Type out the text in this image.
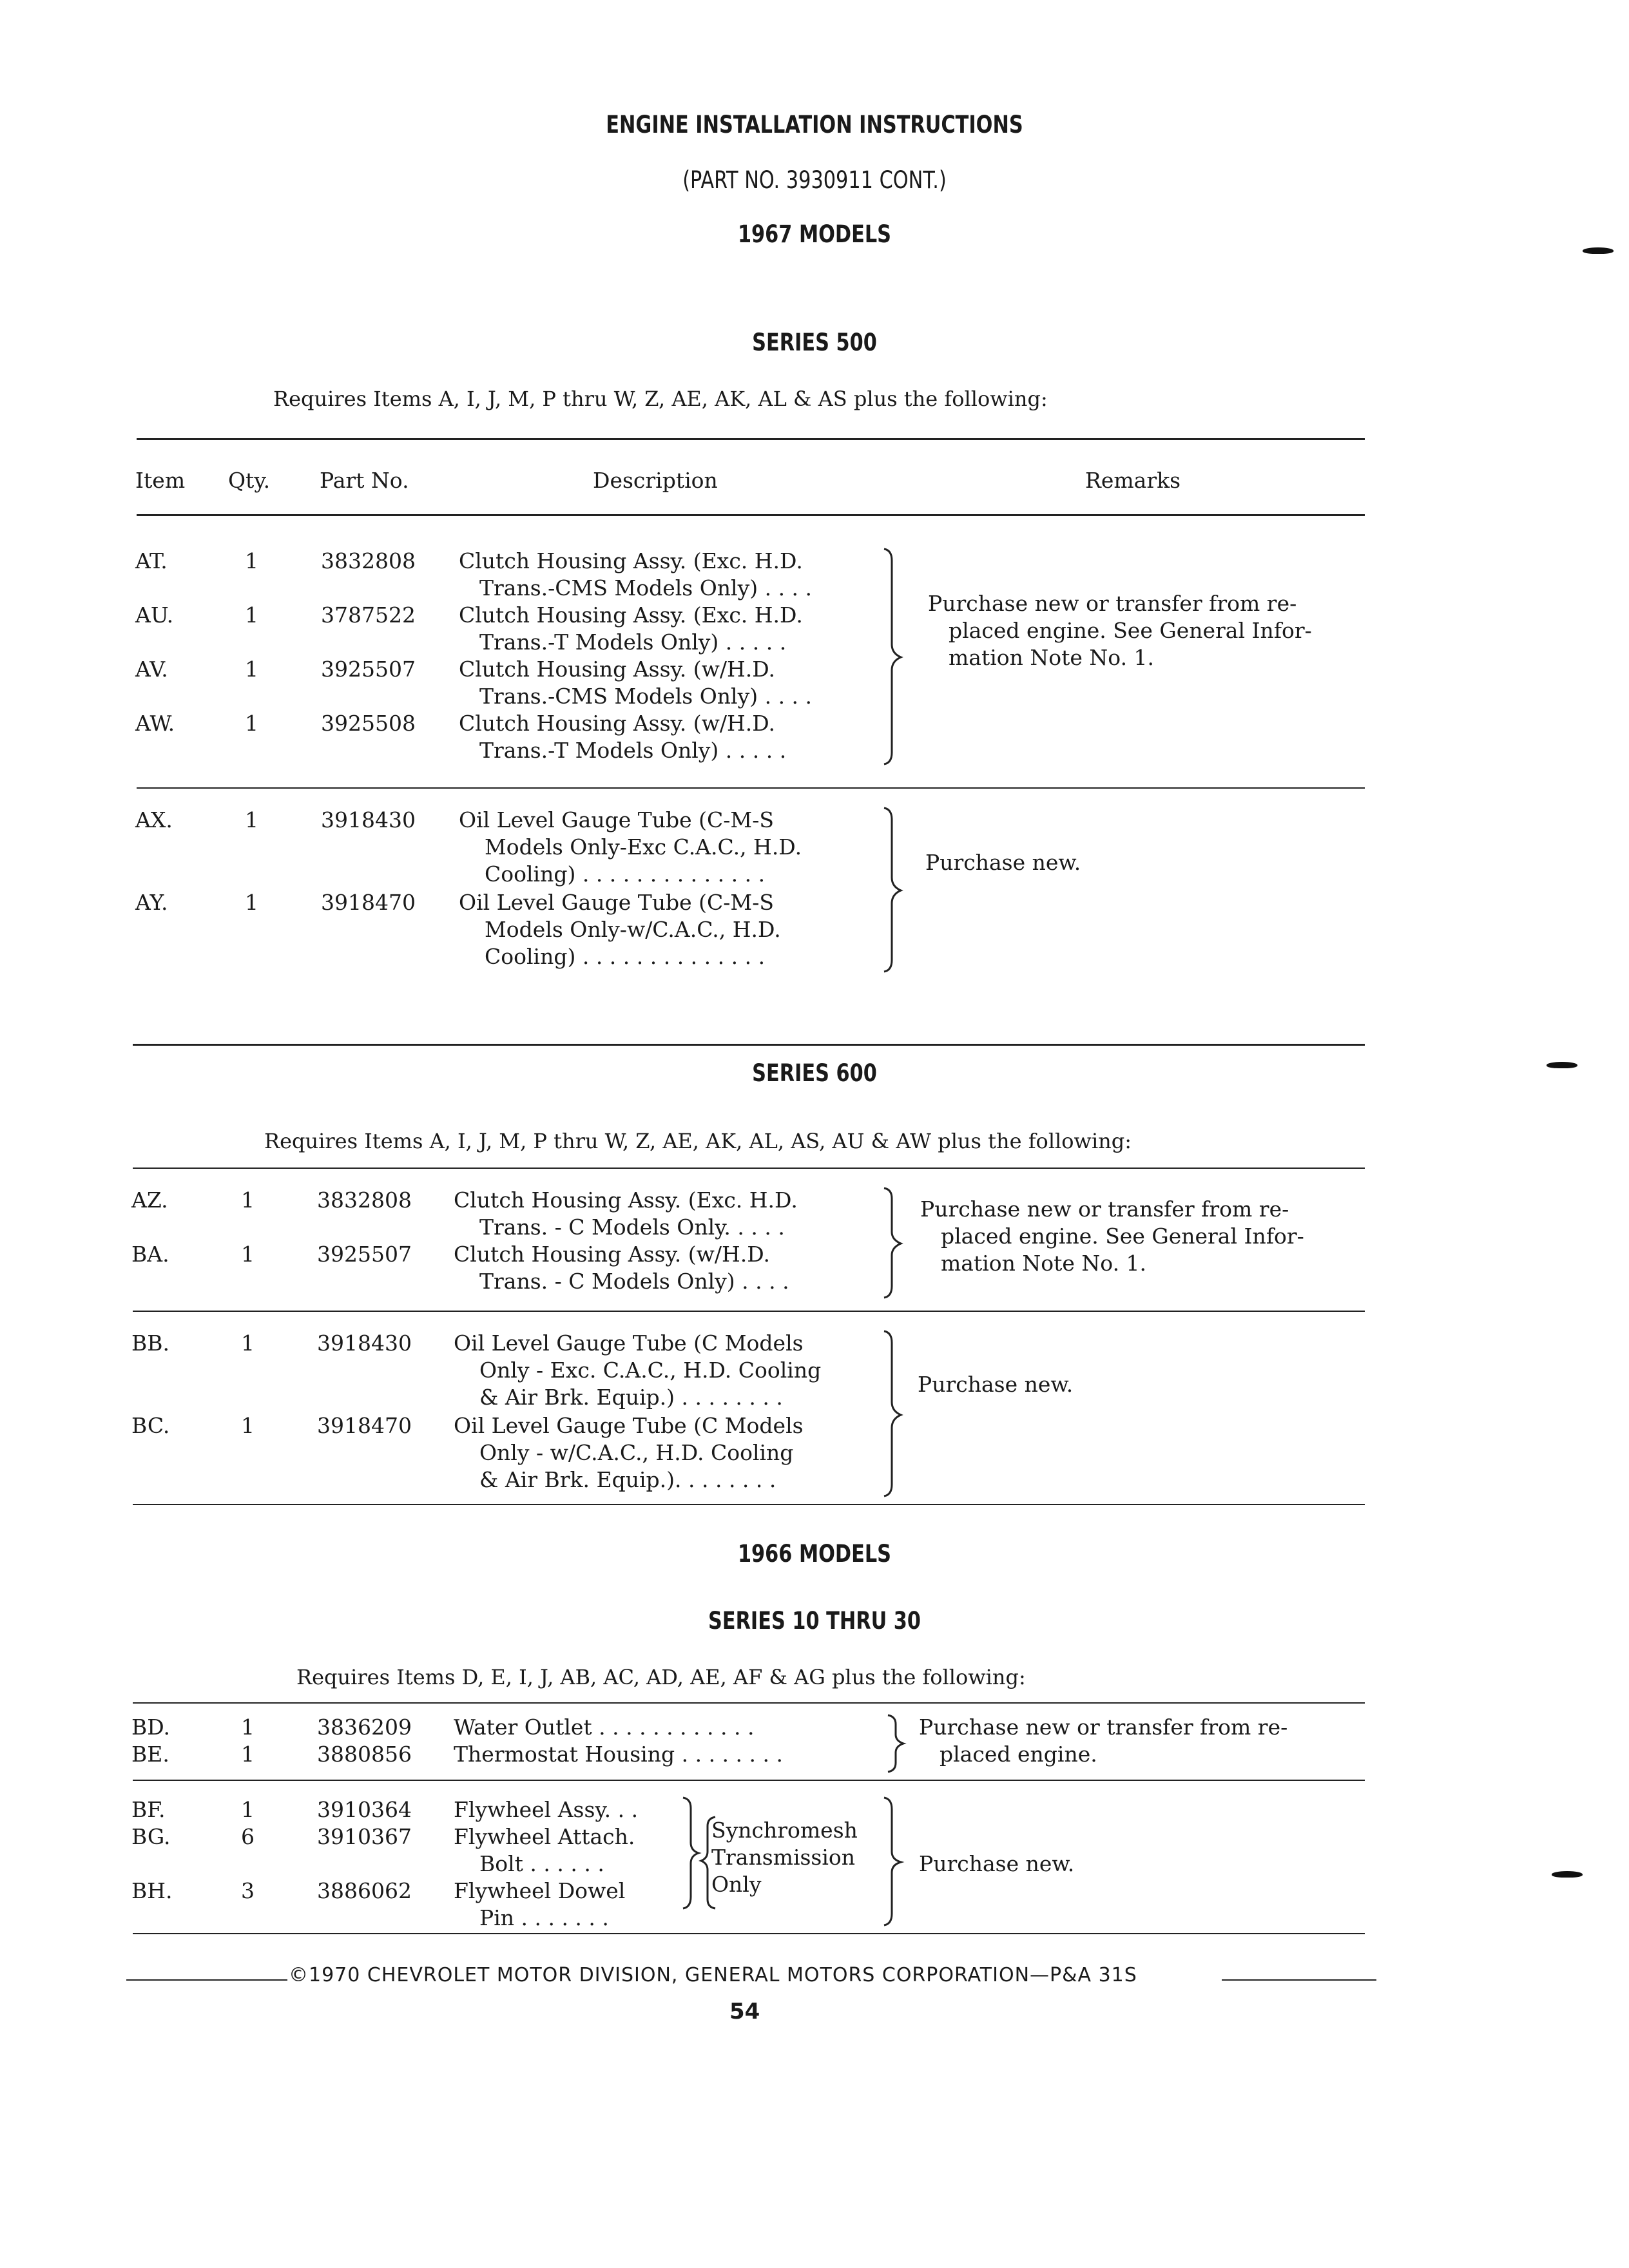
ENGINE INSTALLATION INSTRUCTIONS
(PART NO. 3930911 CONT.)
1967 MODELS
SERIES 500
Requires Items A, I, J, M, P thru W, Z, AE, AK, AL & AS plus the following:
Item Qty. Part No.	Description	Remarks
AT.	1	3832808 Clutch Housing Assy. (Exc. H.D.
Trans.-CMS Models Only) . . . .
AU.	1	3787522 Clutch Housing Assy. (Exc. H.D.
Trans.-T Models Only) . . . . .
AV.	1	3925507 Clutch Housing Assy. (w/H.D.
Trans.-CMS Models Only) . . . .
AW.	1	3925508 Clutch Housing Assy. (w/H.D.
Trans.-T Models Only) . . . . .
Purchase new or transfer from re-
placed engine. See General Infor-
mation Note No. 1.
AX.	1	3918430 Oil Level Gauge Tube (C-M-S
Models Only-Exc C.A.C., H.D.
Cooling) . . . . . . . . . . . . . .
AY.	1	3918470 Oil Level Gauge Tube (C-M-S
Models Only-w/C.A.C., H.D.
Cooling) . . . . . . . . . . . . . .
Purchase new.
SERIES 600
Requires Items A, I, J, M, P thru W, Z, AE, AK, AL, AS, AU & AW plus the following:
AZ.	1	3832808 Clutch Housing Assy. (Exc. H.D.
Trans. - C Models Only. . . . .
BA.	1	3925507 Clutch Housing Assy. (w/H.D.
Trans. - C Models Only) . . . .
Purchase new or transfer from re-
placed engine. See General Infor-
mation Note No. 1.
BB.	1	3918430 Oil Level Gauge Tube (C Models
Only - Exc. C.A.C., H.D. Cooling
& Air Brk. Equip.) . . . . . . . .
BC.	1	3918470 Oil Level Gauge Tube (C Models
Only - w/C.A.C., H.D. Cooling
& Air Brk. Equip.). . . . . . . .
Purchase new.
1966 MODELS
SERIES 10 THRU 30
Requires Items D, E, I, J, AB, AC, AD, AE, AF & AG plus the following:
BD.	1	3836209 Water Outlet . . . . . . . . . . . .
BE.	1	3880856 Thermostat Housing . . . . . . . .
Purchase new or transfer from re-
placed engine.
BF.	1	3910364 Flywheel Assy. . .
BG.	6	3910367 Flywheel Attach.
Bolt . . . . . .
BH.	3	3886062 Flywheel Dowel
Pin . . . . . . .
Synchromesh
Transmission
Only
Purchase new.
©1970 CHEVROLET MOTOR DIVISION, GENERAL MOTORS CORPORATION—P&A 31S
54
